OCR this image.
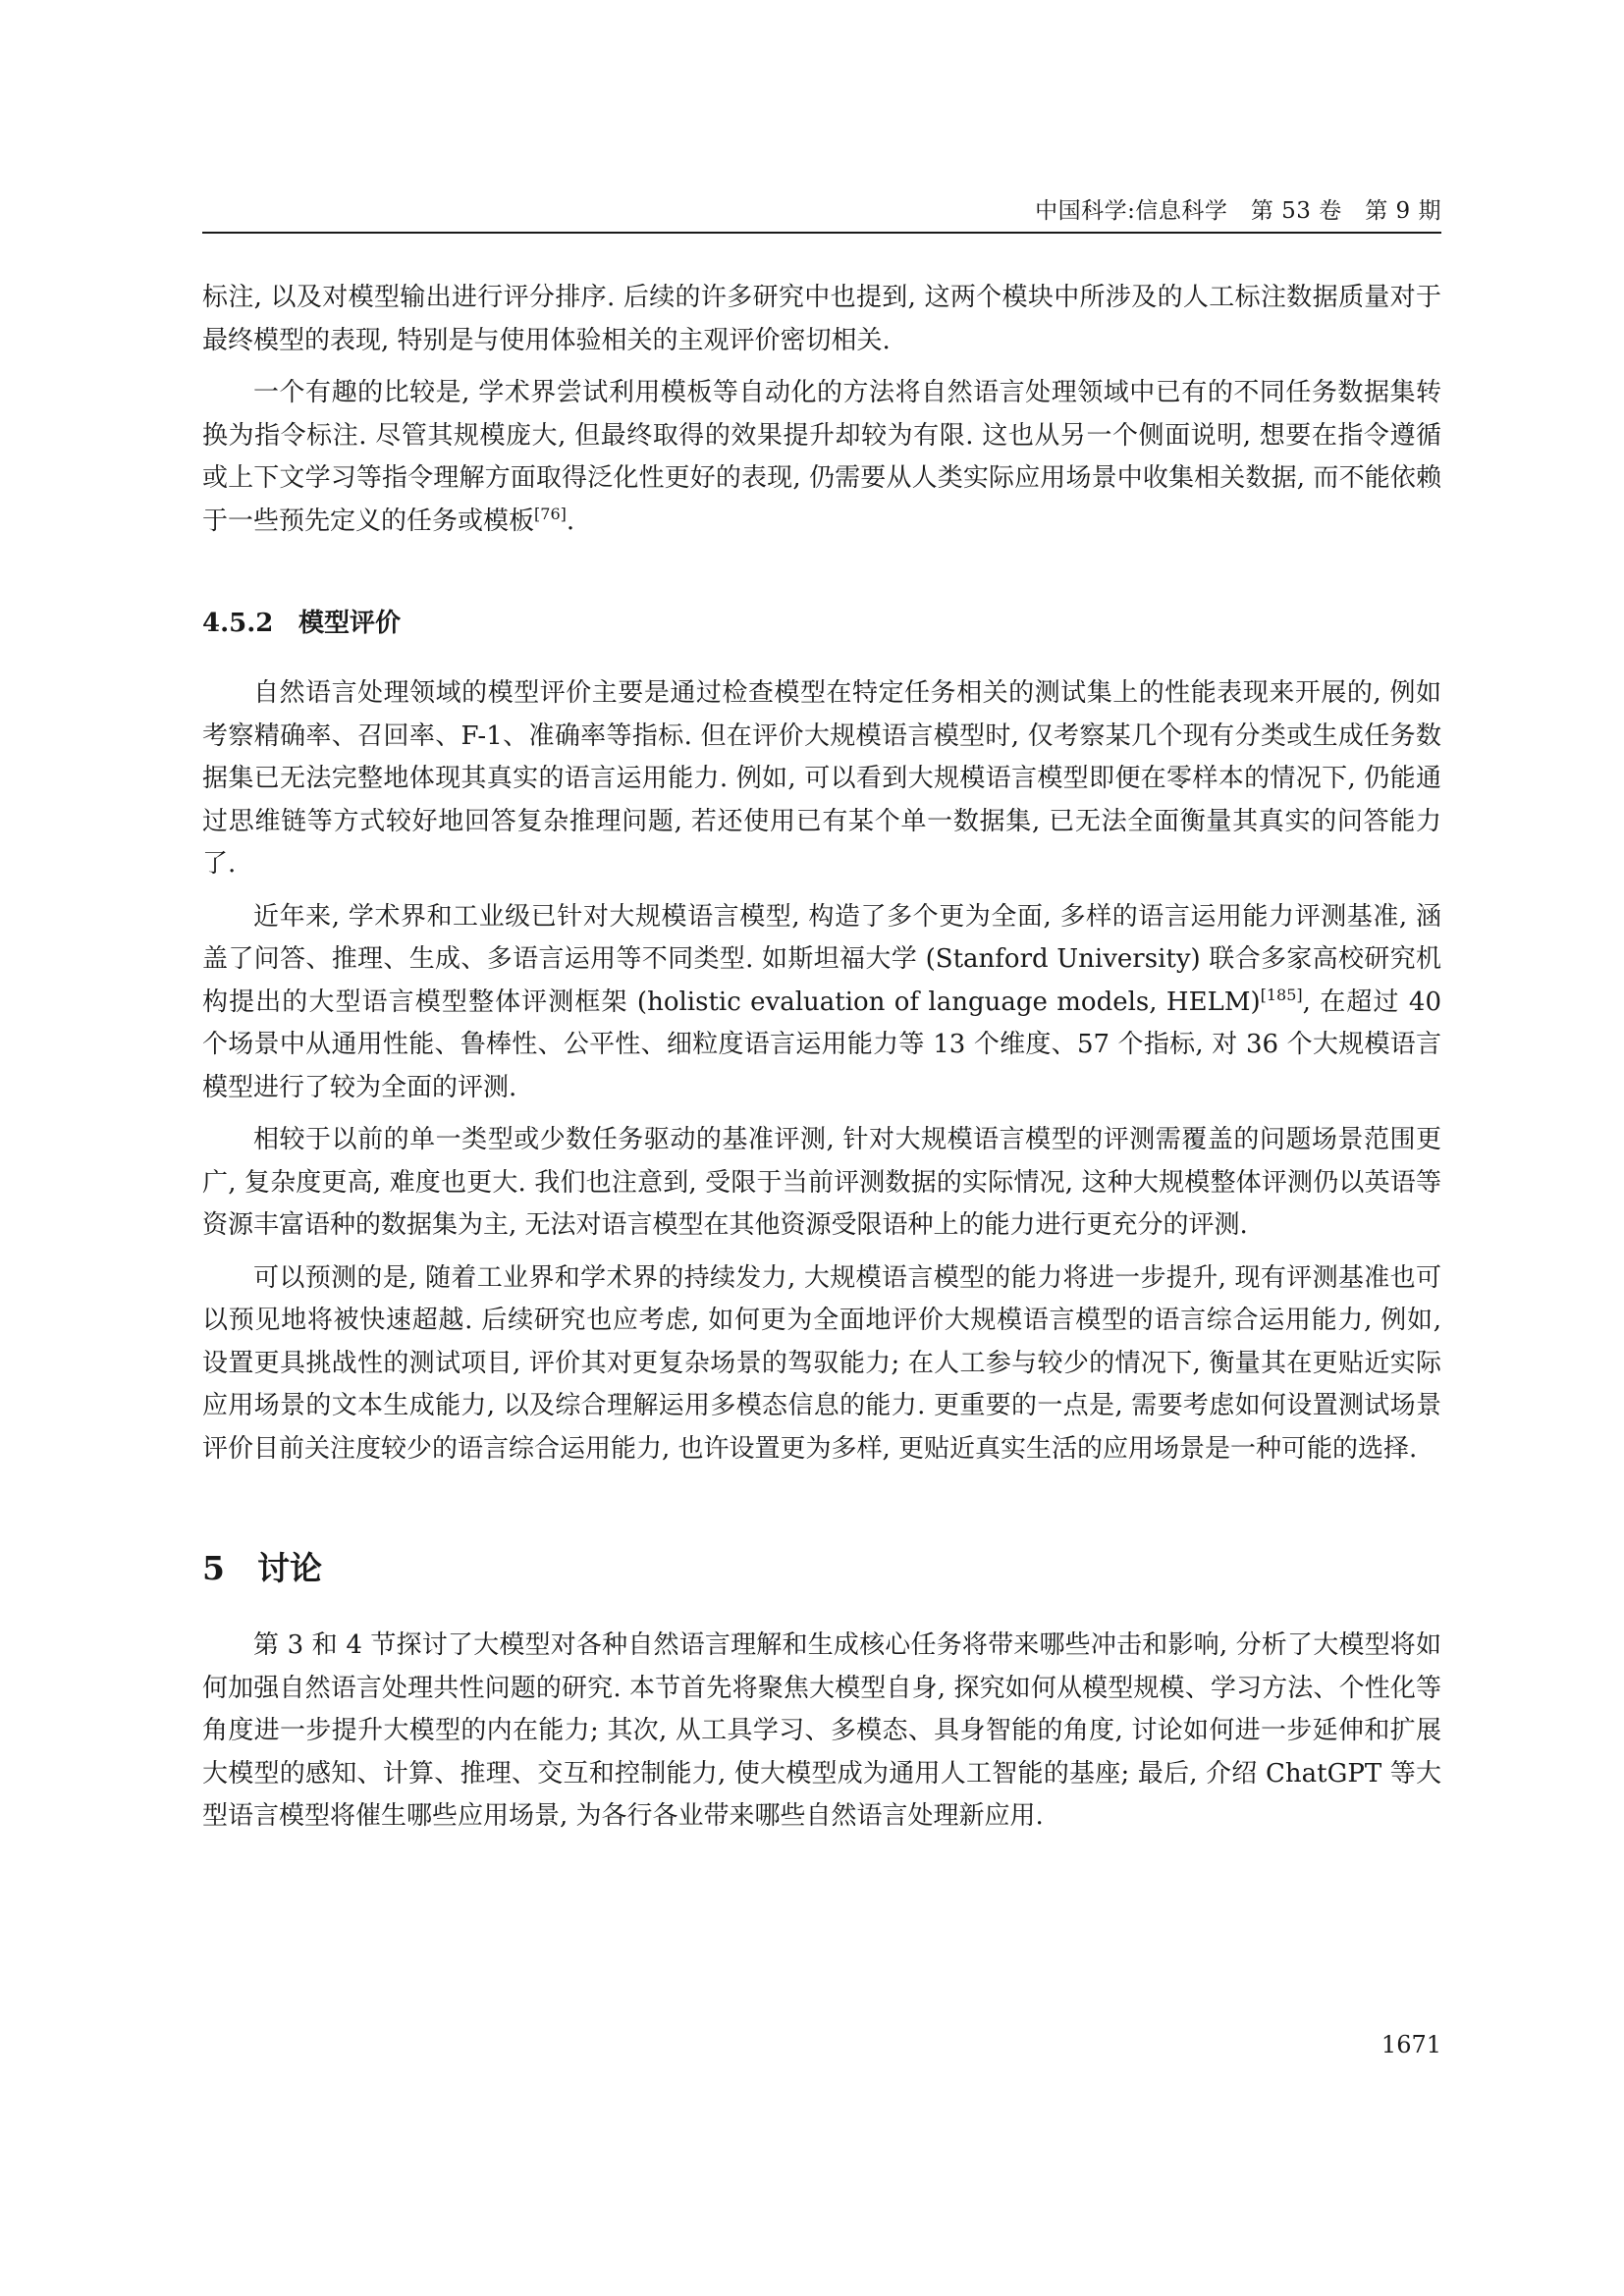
中国科学:信息科学　第 53 卷　第 9 期

标注, 以及对模型输出进行评分排序. 后续的许多研究中也提到, 这两个模块中所涉及的人工标注数据质量对于最终模型的表现, 特别是与使用体验相关的主观评价密切相关.

一个有趣的比较是, 学术界尝试利用模板等自动化的方法将自然语言处理领域中已有的不同任务数据集转换为指令标注. 尽管其规模庞大, 但最终取得的效果提升却较为有限. 这也从另一个侧面说明, 想要在指令遵循或上下文学习等指令理解方面取得泛化性更好的表现, 仍需要从人类实际应用场景中收集相关数据, 而不能依赖于一些预先定义的任务或模板[76].

4.5.2 模型评价

自然语言处理领域的模型评价主要是通过检查模型在特定任务相关的测试集上的性能表现来开展的, 例如考察精确率、召回率、F-1、准确率等指标. 但在评价大规模语言模型时, 仅考察某几个现有分类或生成任务数据集已无法完整地体现其真实的语言运用能力. 例如, 可以看到大规模语言模型即便在零样本的情况下, 仍能通过思维链等方式较好地回答复杂推理问题, 若还使用已有某个单一数据集, 已无法全面衡量其真实的问答能力了.

近年来, 学术界和工业级已针对大规模语言模型, 构造了多个更为全面, 多样的语言运用能力评测基准, 涵盖了问答、推理、生成、多语言运用等不同类型. 如斯坦福大学 (Stanford University) 联合多家高校研究机构提出的大型语言模型整体评测框架 (holistic evaluation of language models, HELM)[185], 在超过 40 个场景中从通用性能、鲁棒性、公平性、细粒度语言运用能力等 13 个维度、57 个指标, 对 36 个大规模语言模型进行了较为全面的评测.

相较于以前的单一类型或少数任务驱动的基准评测, 针对大规模语言模型的评测需覆盖的问题场景范围更广, 复杂度更高, 难度也更大. 我们也注意到, 受限于当前评测数据的实际情况, 这种大规模整体评测仍以英语等资源丰富语种的数据集为主, 无法对语言模型在其他资源受限语种上的能力进行更充分的评测.

可以预测的是, 随着工业界和学术界的持续发力, 大规模语言模型的能力将进一步提升, 现有评测基准也可以预见地将被快速超越. 后续研究也应考虑, 如何更为全面地评价大规模语言模型的语言综合运用能力, 例如, 设置更具挑战性的测试项目, 评价其对更复杂场景的驾驭能力; 在人工参与较少的情况下, 衡量其在更贴近实际应用场景的文本生成能力, 以及综合理解运用多模态信息的能力. 更重要的一点是, 需要考虑如何设置测试场景评价目前关注度较少的语言综合运用能力, 也许设置更为多样, 更贴近真实生活的应用场景是一种可能的选择.

5 讨论

第 3 和 4 节探讨了大模型对各种自然语言理解和生成核心任务将带来哪些冲击和影响, 分析了大模型将如何加强自然语言处理共性问题的研究. 本节首先将聚焦大模型自身, 探究如何从模型规模、学习方法、个性化等角度进一步提升大模型的内在能力; 其次, 从工具学习、多模态、具身智能的角度, 讨论如何进一步延伸和扩展大模型的感知、计算、推理、交互和控制能力, 使大模型成为通用人工智能的基座; 最后, 介绍 ChatGPT 等大型语言模型将催生哪些应用场景, 为各行各业带来哪些自然语言处理新应用.

1671
